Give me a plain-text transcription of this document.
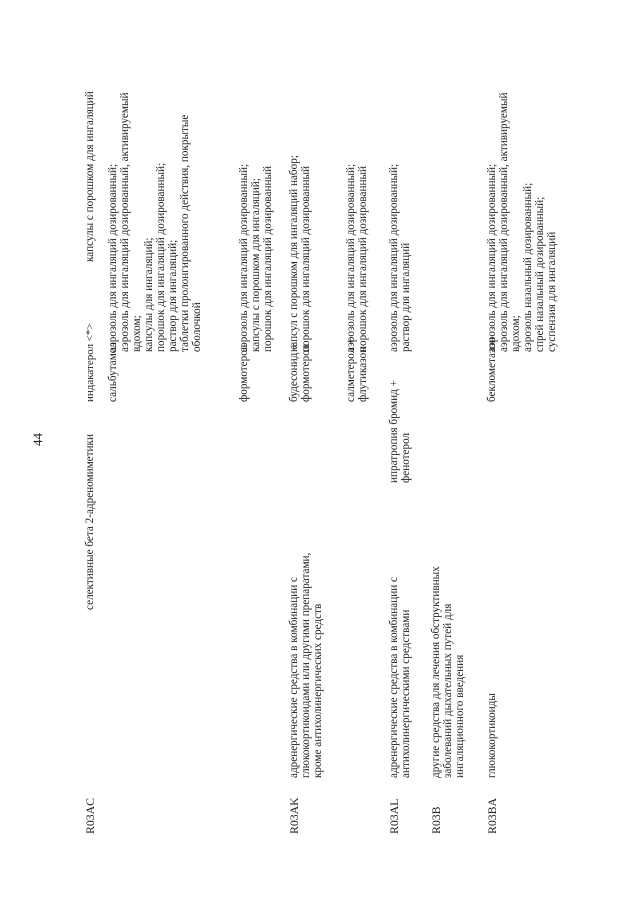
44
R03AC
селективные бета 2-адреномиметики
индакатерол <*>
капсулы с порошком для ингаляций
сальбутамол
аэрозоль для ингаляций дозированный; аэрозоль для ингаляций дозированный, активируемый вдохом; капсулы для ингаляций; порошок для ингаляций дозированный; раствор для ингаляций; таблетки пролонгированного действия, покрытые оболочкой
формотерол
аэрозоль для ингаляций дозированный; капсулы с порошком для ингаляций; порошок для ингаляций дозированный
R03AK
адренергические средства в комбинации с глюкокортикоидами или другими препаратами, кроме антихолинергических средств
будесонид + формотерол
капсул с порошком для ингаляций набор; порошок для ингаляций дозированный
салметерол + флутиказон
аэрозоль для ингаляций дозированный; порошок для ингаляций дозированный
R03AL
адренергические средства в комбинации с антихолинергическими средствами
ипратропия бромид + фенотерол
аэрозоль для ингаляций дозированный; раствор для ингаляций
R03B
другие средства для лечения обструктивных заболеваний дыхательных путей для ингаляционного введения
R03BA
глюкокортикоиды
беклометазон
аэрозоль для ингаляций дозированный; аэрозоль для ингаляций дозированный, активируемый вдохом; аэрозоль назальный дозированный; спрей назальный дозированный; суспензия для ингаляций
